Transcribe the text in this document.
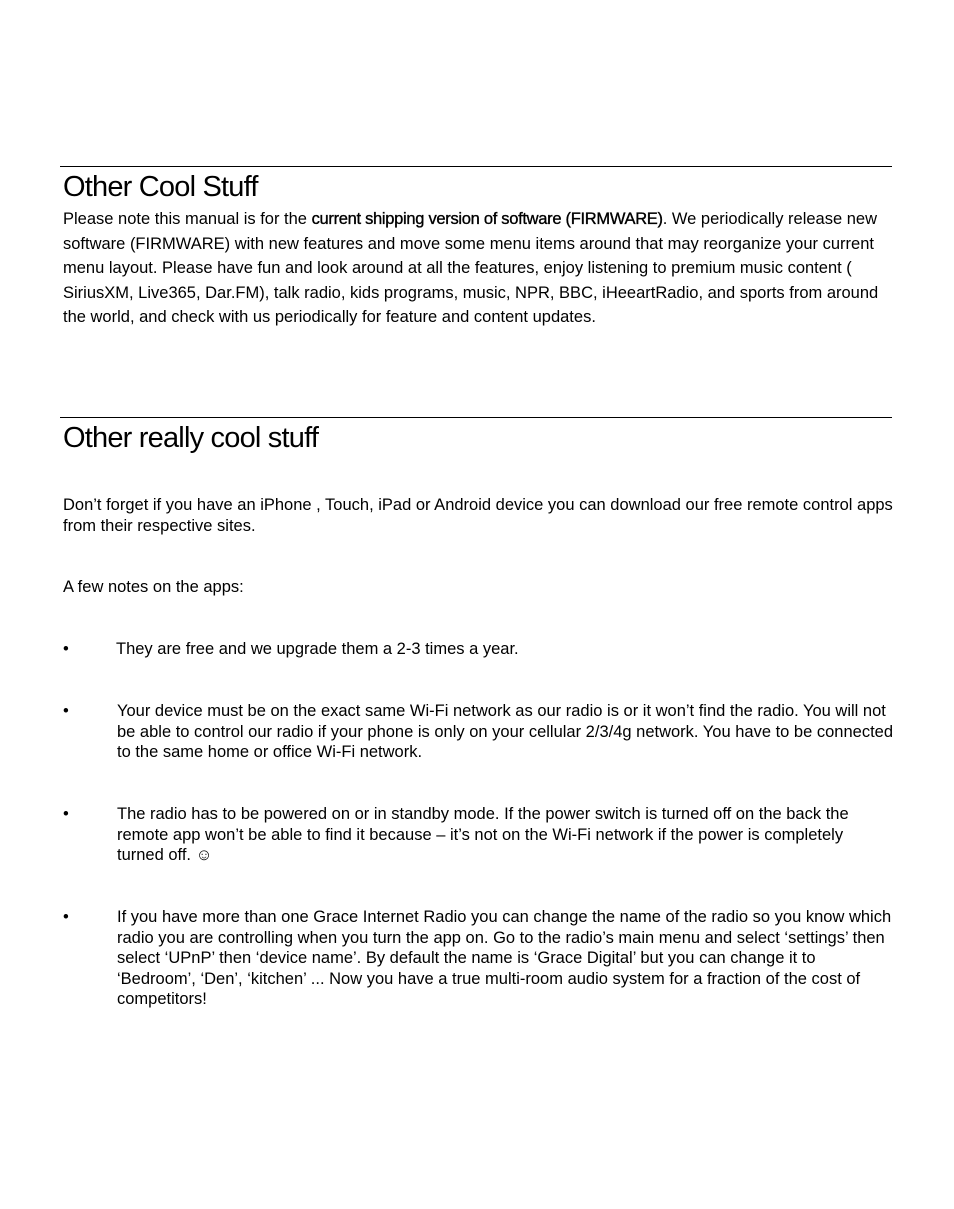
Other Cool Stuff

Please note this manual is for the current shipping version of software (FIRMWARE). We periodically release new software (FIRMWARE) with new features and move some menu items around that may reorganize your current menu layout. Please have fun and look around at all the features, enjoy listening to premium music content ( SiriusXM, Live365, Dar.FM), talk radio, kids programs, music, NPR, BBC, iHeeartRadio, and sports from around the world, and check with us periodically for feature and content updates.

Other really cool stuff

Don’t forget if you have an iPhone , Touch, iPad or Android device you can download our free remote control apps from their respective sites.

A few notes on the apps:

•	They are free and we upgrade them a 2-3 times a year.
•	Your device must be on the exact same Wi-Fi network as our radio is or it won’t find the radio. You will not be able to control our radio if your phone is only on your cellular 2/3/4g network. You have to be connected to the same home or office Wi-Fi network.
•	The radio has to be powered on or in standby mode. If the power switch is turned off on the back the remote app won’t be able to find it because – it’s not on the Wi-Fi network if the power is completely turned off. ☺
•	If you have more than one Grace Internet Radio you can change the name of the radio so you know which radio you are controlling when you turn the app on. Go to the radio’s main menu and select ‘settings’ then select ‘UPnP’ then ‘device name’. By default the name is ‘Grace Digital’ but you can change it to ‘Bedroom’, ‘Den’, ‘kitchen’ ... Now you have a true multi-room audio system for a fraction of the cost of competitors!
